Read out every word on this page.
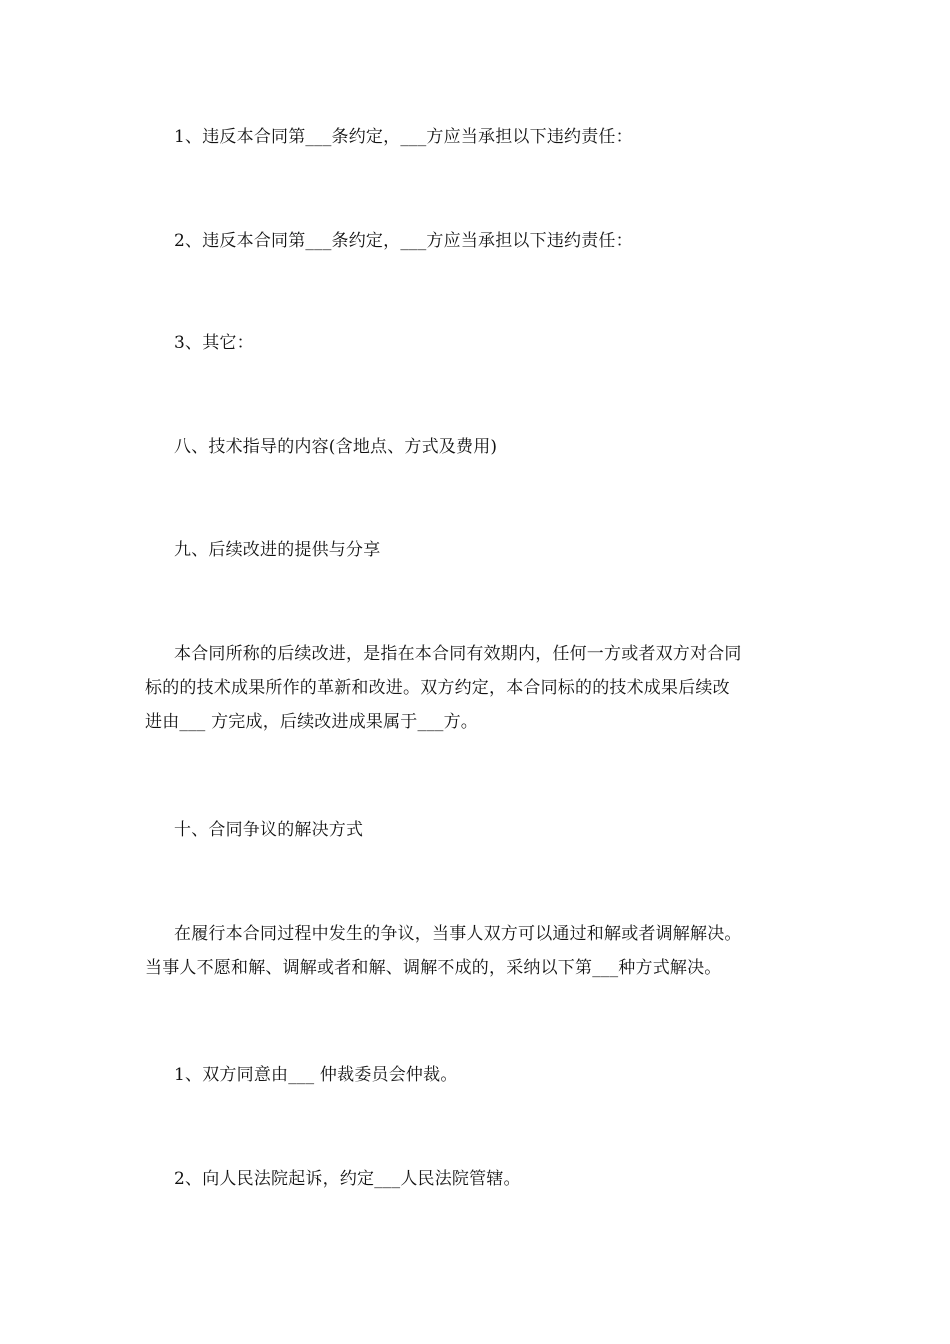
1、违反本合同第___条约定，___方应当承担以下违约责任：
2、违反本合同第___条约定，___方应当承担以下违约责任：
3、其它：
八、技术指导的内容(含地点、方式及费用)
九、后续改进的提供与分享
本合同所称的后续改进，是指在本合同有效期内，任何一方或者双方对合同
标的的技术成果所作的革新和改进。双方约定，本合同标的的技术成果后续改
进由___ 方完成，后续改进成果属于___方。
十、合同争议的解决方式
在履行本合同过程中发生的争议，当事人双方可以通过和解或者调解解决。
当事人不愿和解、调解或者和解、调解不成的，采纳以下第___种方式解决。
1、双方同意由___ 仲裁委员会仲裁。
2、向人民法院起诉，约定___人民法院管辖。
